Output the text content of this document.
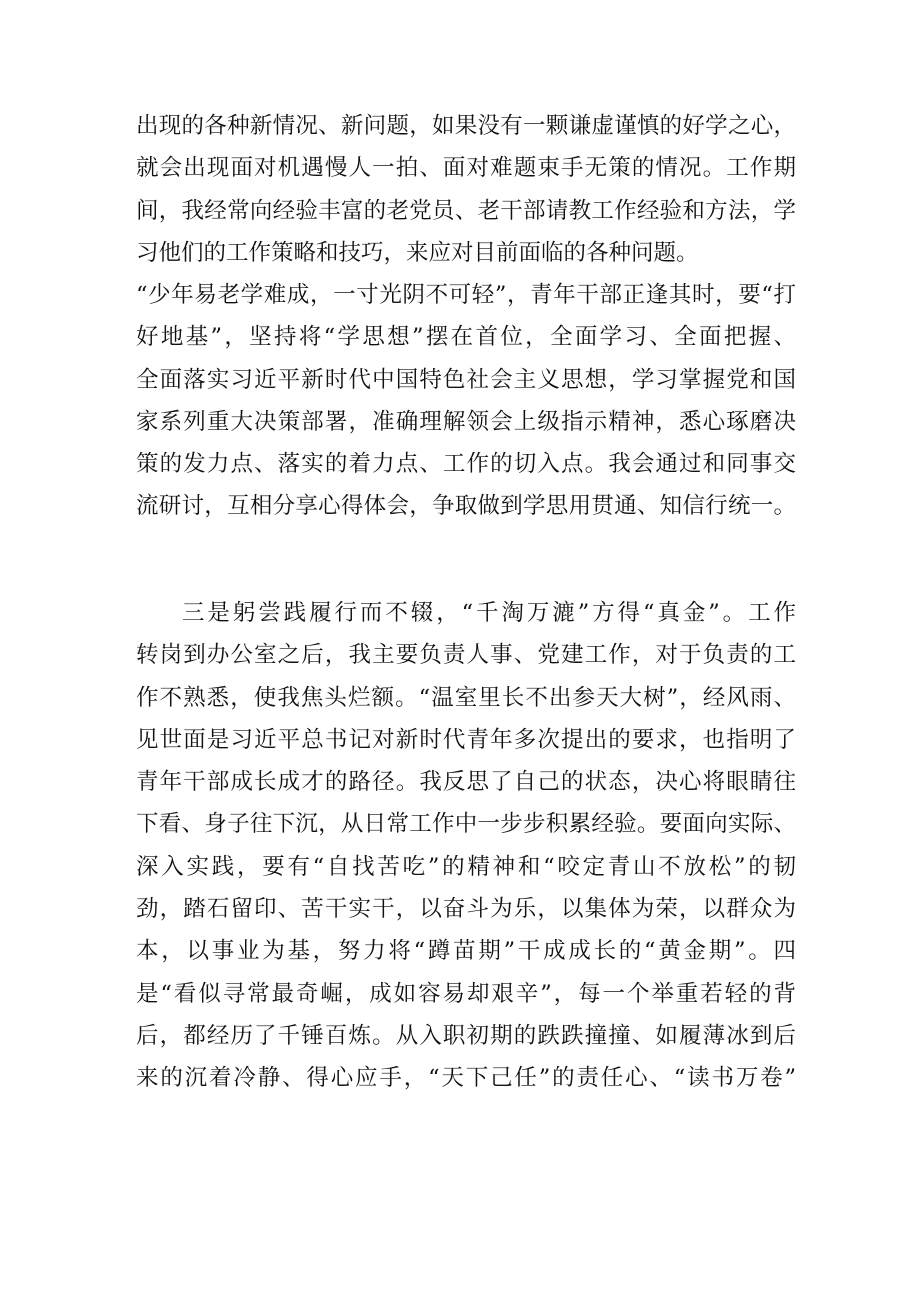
出现的各种新情况、新问题，如果没有一颗谦虚谨慎的好学之心，
就会出现面对机遇慢人一拍、面对难题束手无策的情况。工作期
间，我经常向经验丰富的老党员、老干部请教工作经验和方法，学
习他们的工作策略和技巧，来应对目前面临的各种问题。
“少年易老学难成，一寸光阴不可轻”，青年干部正逢其时，要“打
好地基”，坚持将“学思想”摆在首位，全面学习、全面把握、
全面落实习近平新时代中国特色社会主义思想，学习掌握党和国
家系列重大决策部署，准确理解领会上级指示精神，悉心琢磨决
策的发力点、落实的着力点、工作的切入点。我会通过和同事交
流研讨，互相分享心得体会，争取做到学思用贯通、知信行统一。
三是躬尝践履行而不辍，“千淘万漉”方得“真金”。工作
转岗到办公室之后，我主要负责人事、党建工作，对于负责的工
作不熟悉，使我焦头烂额。“温室里长不出参天大树”，经风雨、
见世面是习近平总书记对新时代青年多次提出的要求，也指明了
青年干部成长成才的路径。我反思了自己的状态，决心将眼睛往
下看、身子往下沉，从日常工作中一步步积累经验。要面向实际、
深入实践，要有“自找苦吃”的精神和“咬定青山不放松”的韧
劲，踏石留印、苦干实干，以奋斗为乐，以集体为荣，以群众为
本，以事业为基，努力将“蹲苗期”干成成长的“黄金期”。四
是“看似寻常最奇崛，成如容易却艰辛”，每一个举重若轻的背
后，都经历了千锤百炼。从入职初期的跌跌撞撞、如履薄冰到后
来的沉着冷静、得心应手，“天下己任”的责任心、“读书万卷”
